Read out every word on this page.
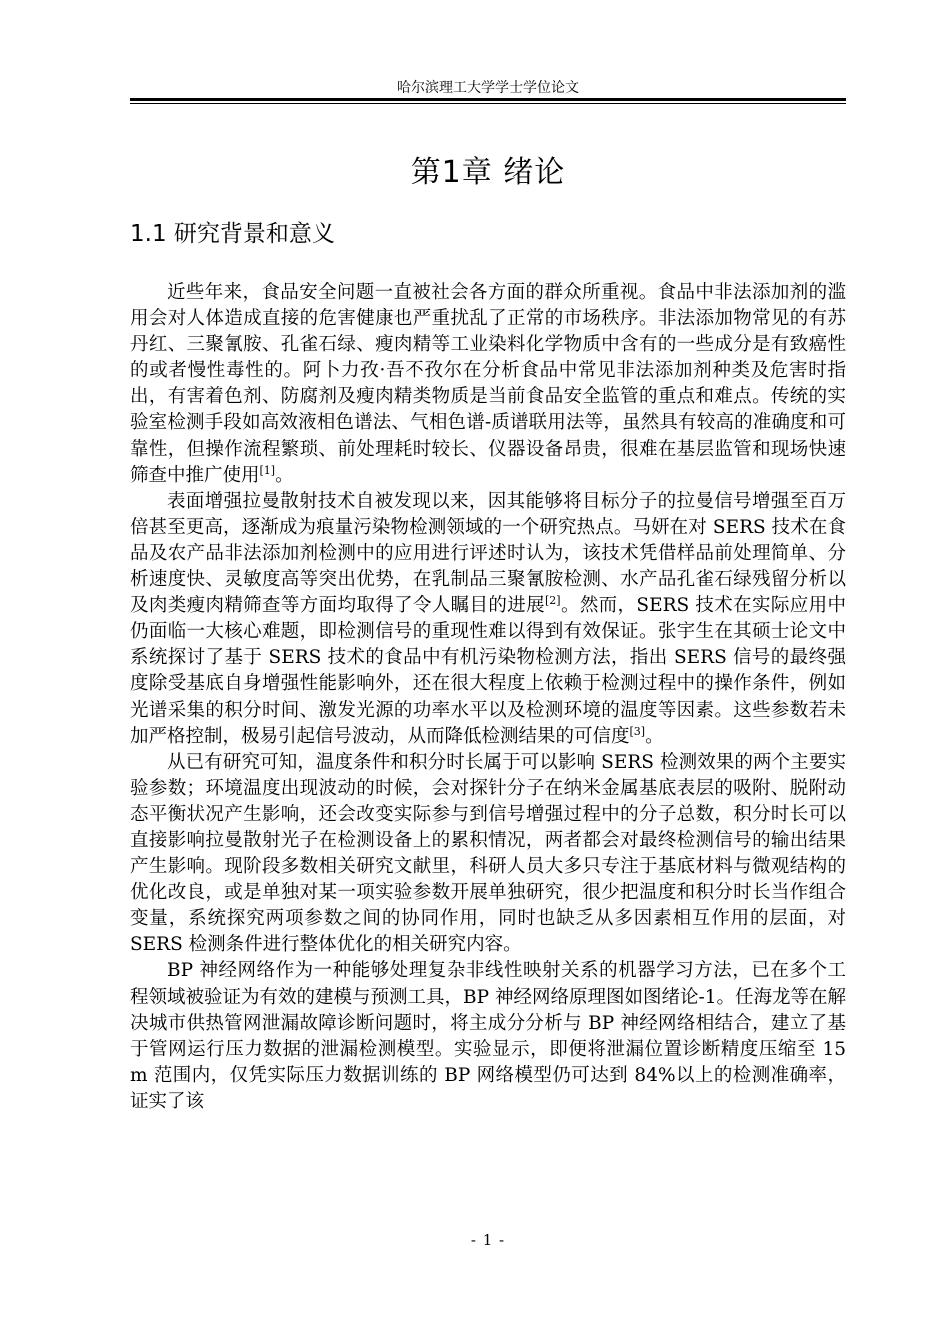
哈尔滨理工大学学士学位论文
第1章 绪论
1.1 研究背景和意义

近些年来，食品安全问题一直被社会各方面的群众所重视。食品中非法添加剂的滥用会对人体造成直接的危害健康也严重扰乱了正常的市场秩序。非法添加物常见的有苏丹红、三聚氰胺、孔雀石绿、瘦肉精等工业染料化学物质中含有的一些成分是有致癌性的或者慢性毒性的。阿卜力孜·吾不孜尔在分析食品中常见非法添加剂种类及危害时指出，有害着色剂、防腐剂及瘦肉精类物质是当前食品安全监管的重点和难点。传统的实验室检测手段如高效液相色谱法、气相色谱-质谱联用法等，虽然具有较高的准确度和可靠性，但操作流程繁琐、前处理耗时较长、仪器设备昂贵，很难在基层监管和现场快速筛查中推广使用[1]。

表面增强拉曼散射技术自被发现以来，因其能够将目标分子的拉曼信号增强至百万倍甚至更高，逐渐成为痕量污染物检测领域的一个研究热点。马妍在对 SERS 技术在食品及农产品非法添加剂检测中的应用进行评述时认为，该技术凭借样品前处理简单、分析速度快、灵敏度高等突出优势，在乳制品三聚氰胺检测、水产品孔雀石绿残留分析以及肉类瘦肉精筛查等方面均取得了令人瞩目的进展[2]。然而，SERS 技术在实际应用中仍面临一大核心难题，即检测信号的重现性难以得到有效保证。张宇生在其硕士论文中系统探讨了基于 SERS 技术的食品中有机污染物检测方法，指出 SERS 信号的最终强度除受基底自身增强性能影响外，还在很大程度上依赖于检测过程中的操作条件，例如光谱采集的积分时间、激发光源的功率水平以及检测环境的温度等因素。这些参数若未加严格控制，极易引起信号波动，从而降低检测结果的可信度[3]。

从已有研究可知，温度条件和积分时长属于可以影响 SERS 检测效果的两个主要实验参数；环境温度出现波动的时候，会对探针分子在纳米金属基底表层的吸附、脱附动态平衡状况产生影响，还会改变实际参与到信号增强过程中的分子总数，积分时长可以直接影响拉曼散射光子在检测设备上的累积情况，两者都会对最终检测信号的输出结果产生影响。现阶段多数相关研究文献里，科研人员大多只专注于基底材料与微观结构的优化改良，或是单独对某一项实验参数开展单独研究，很少把温度和积分时长当作组合变量，系统探究两项参数之间的协同作用，同时也缺乏从多因素相互作用的层面，对 SERS 检测条件进行整体优化的相关研究内容。

BP 神经网络作为一种能够处理复杂非线性映射关系的机器学习方法，已在多个工程领域被验证为有效的建模与预测工具，BP 神经网络原理图如图绪论-1。任海龙等在解决城市供热管网泄漏故障诊断问题时，将主成分分析与 BP 神经网络相结合，建立了基于管网运行压力数据的泄漏检测模型。实验显示，即便将泄漏位置诊断精度压缩至 15 m 范围内，仅凭实际压力数据训练的 BP 网络模型仍可达到 84%以上的检测准确率，证实了该

- 1 -
